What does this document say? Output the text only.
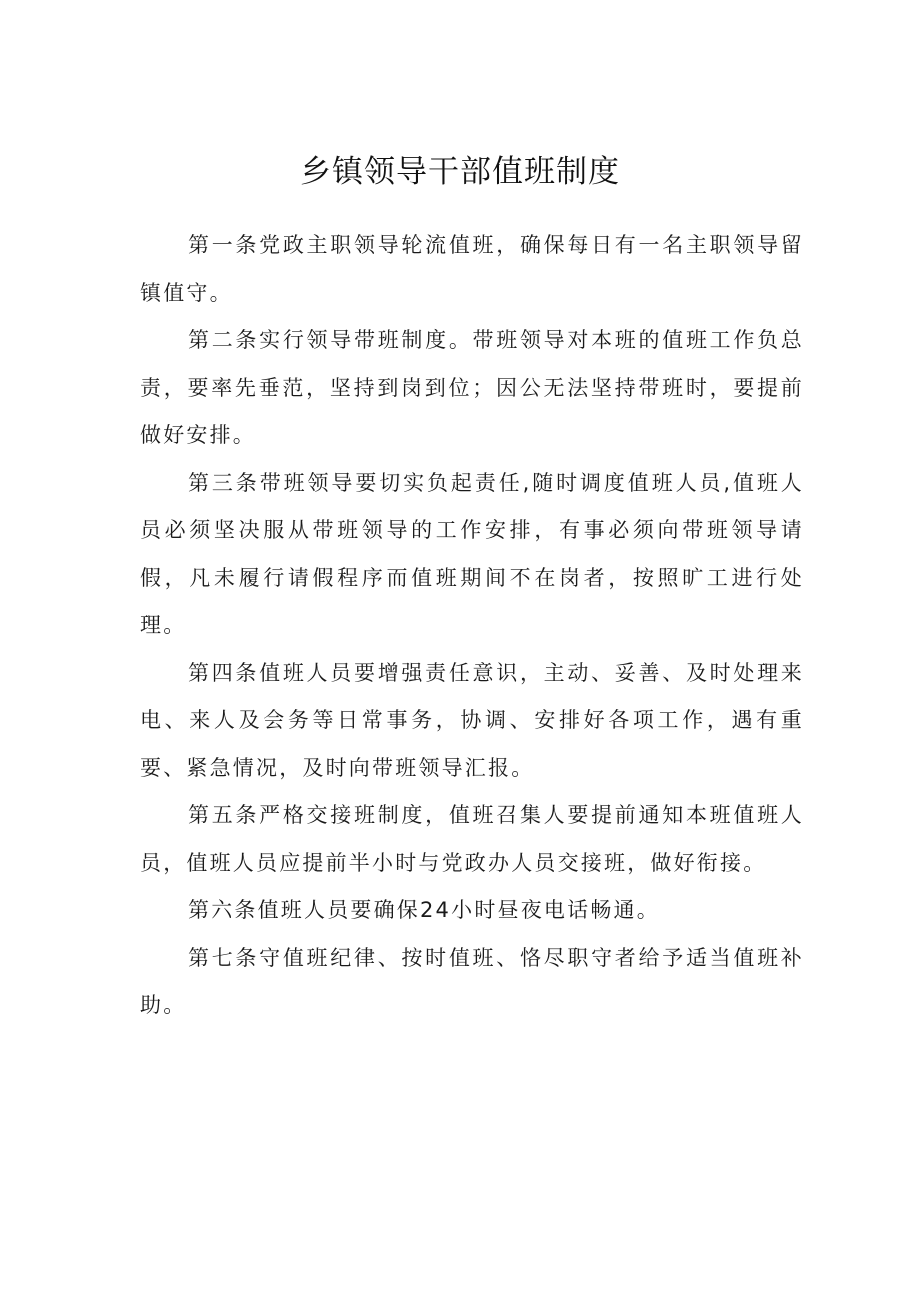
乡镇领导干部值班制度

第一条党政主职领导轮流值班，确保每日有一名主职领导留镇值守。

第二条实行领导带班制度。带班领导对本班的值班工作负总责，要率先垂范，坚持到岗到位；因公无法坚持带班时，要提前做好安排。

第三条带班领导要切实负起责任,随时调度值班人员,值班人员必须坚决服从带班领导的工作安排，有事必须向带班领导请假，凡未履行请假程序而值班期间不在岗者，按照旷工进行处理。

第四条值班人员要增强责任意识，主动、妥善、及时处理来电、来人及会务等日常事务，协调、安排好各项工作，遇有重要、紧急情况，及时向带班领导汇报。

第五条严格交接班制度，值班召集人要提前通知本班值班人员，值班人员应提前半小时与党政办人员交接班，做好衔接。

第六条值班人员要确保24小时昼夜电话畅通。

第七条守值班纪律、按时值班、恪尽职守者给予适当值班补助。
